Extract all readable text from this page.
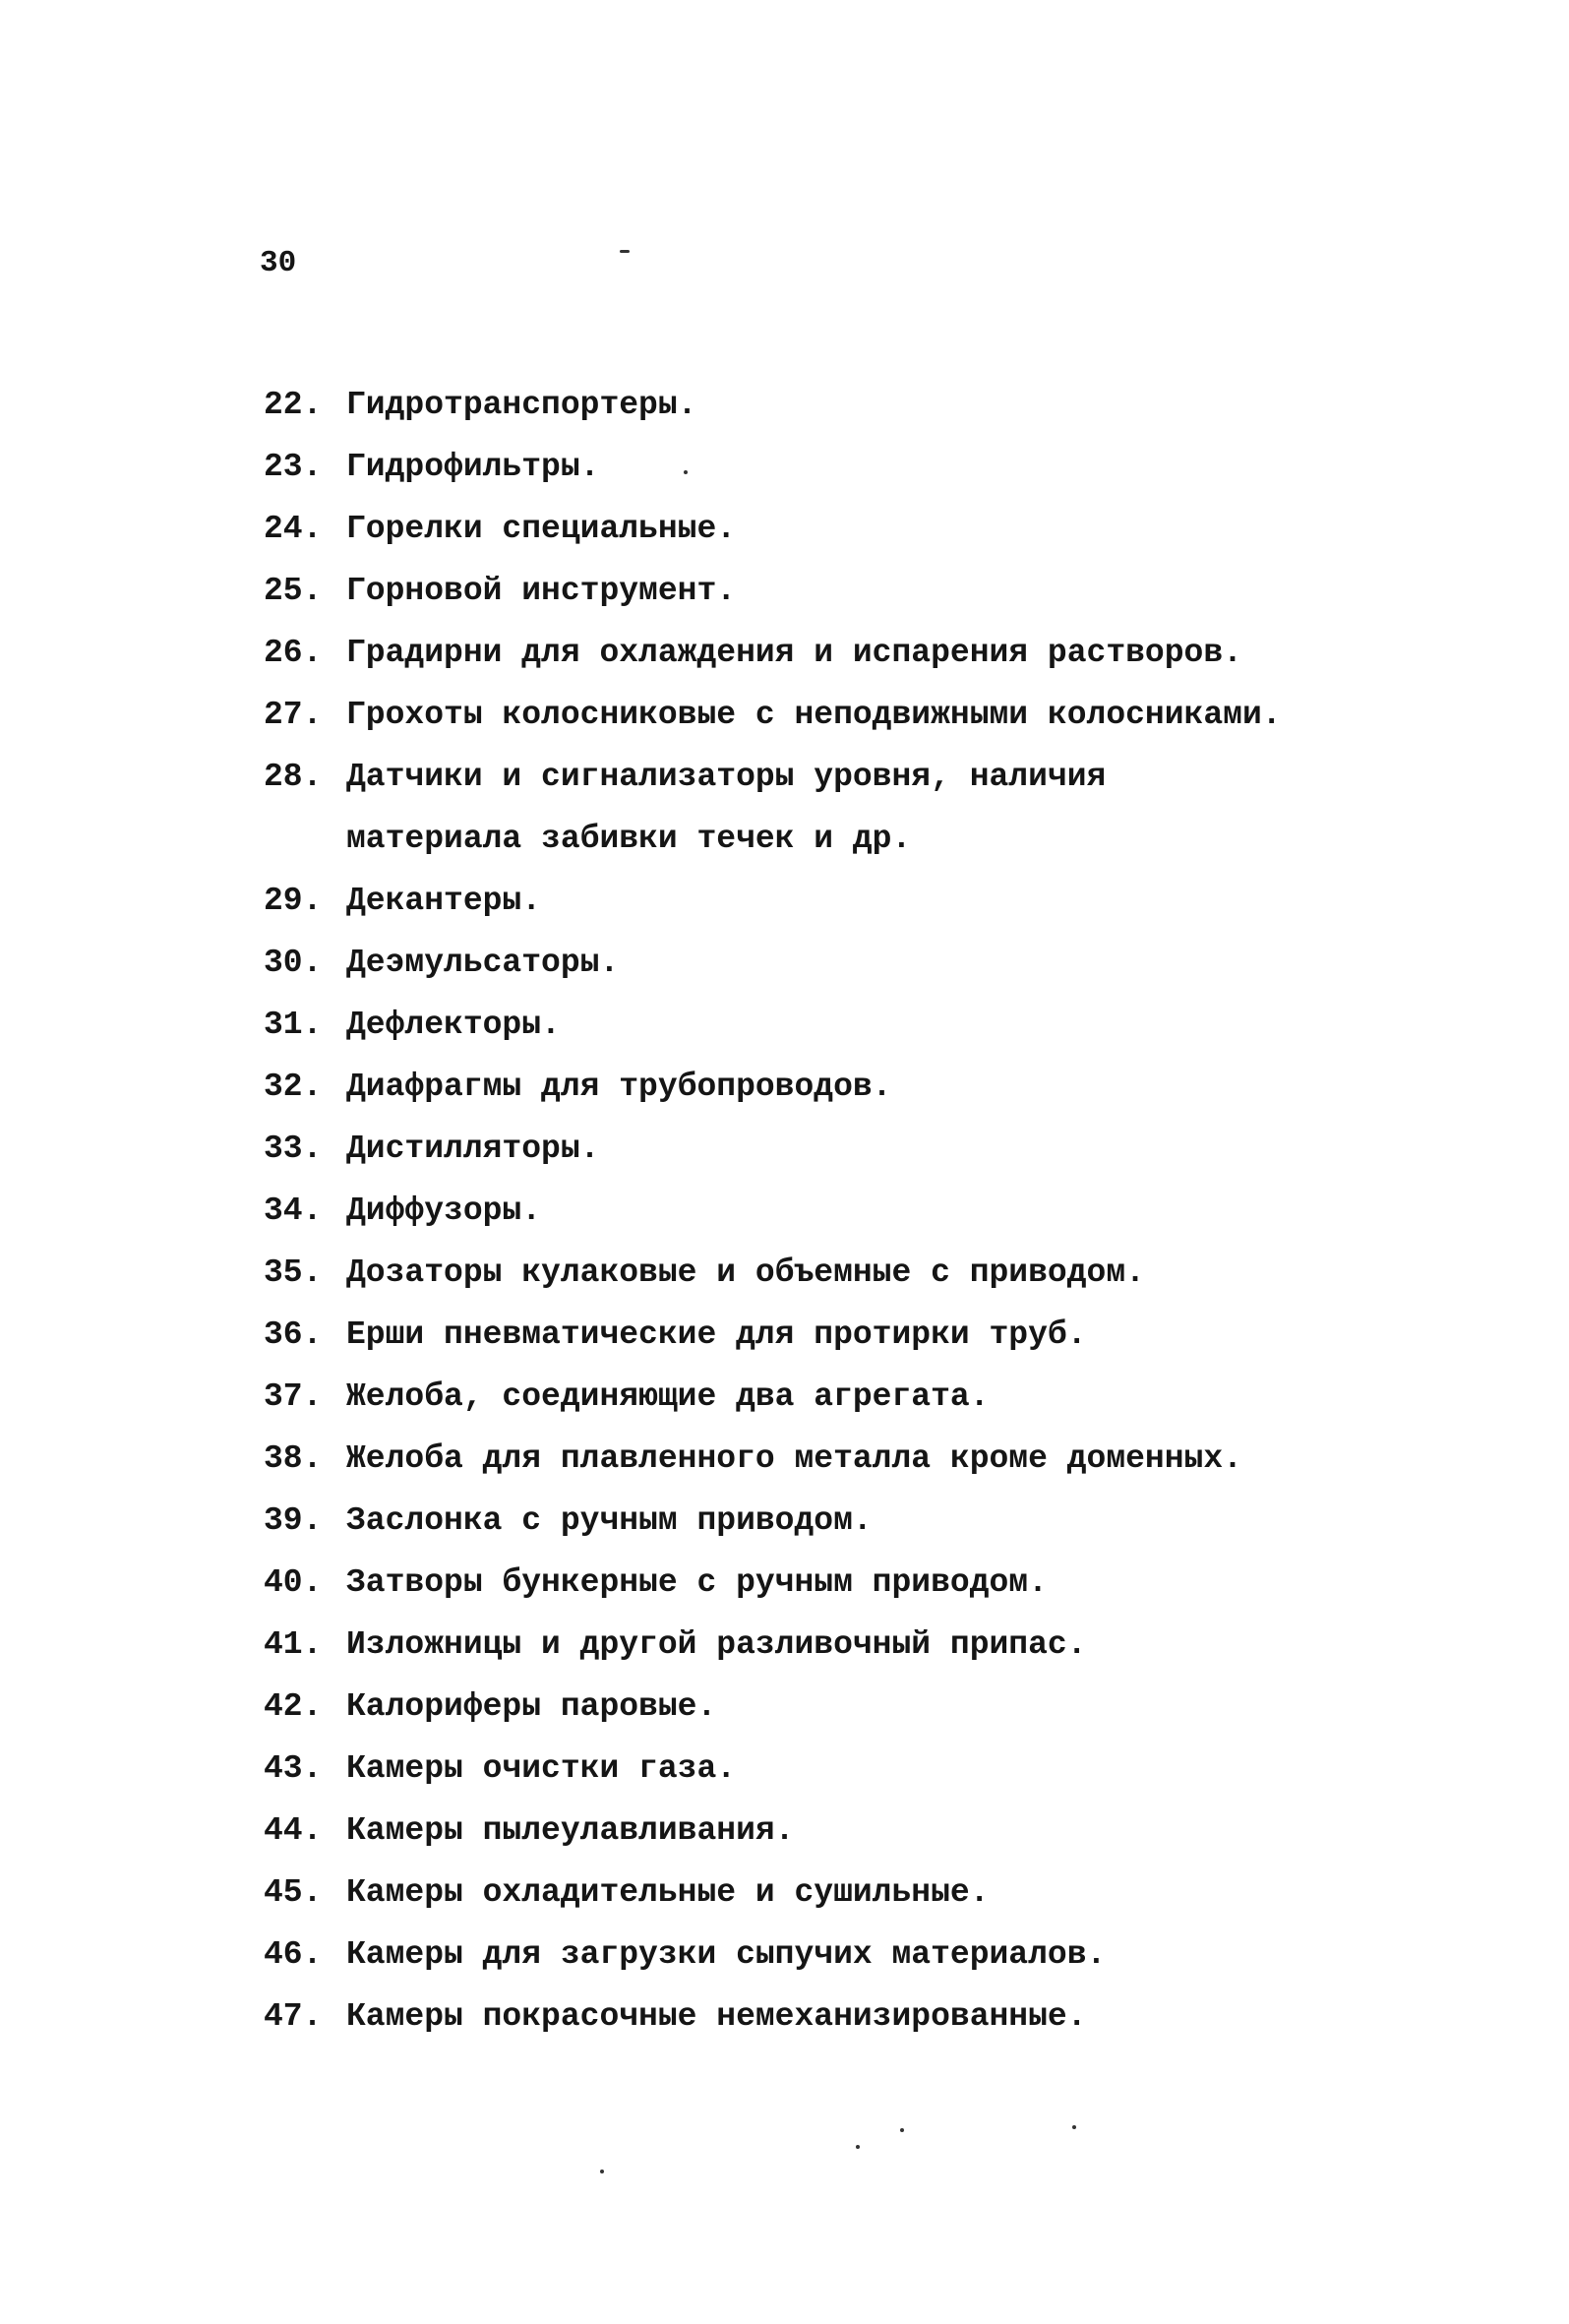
30
22. Гидротранспортеры.
23. Гидрофильтры.
24. Горелки специальные.
25. Горновой инструмент.
26. Градирни для охлаждения и испарения растворов.
27. Грохоты колосниковые с неподвижными колосниками.
28. Датчики и сигнализаторы уровня, наличия материала забивки течек и др.
29. Декантеры.
30. Деэмульсаторы.
31. Дефлекторы.
32. Диафрагмы для трубопроводов.
33. Дистилляторы.
34. Диффузоры.
35. Дозаторы кулаковые и объемные с приводом.
36. Ерши пневматические для протирки труб.
37. Желоба, соединяющие два агрегата.
38. Желоба для плавленного металла кроме доменных.
39. Заслонка с ручным приводом.
40. Затворы бункерные с ручным приводом.
41. Изложницы и другой разливочный припас.
42. Калориферы паровые.
43. Камеры очистки газа.
44. Камеры пылеулавливания.
45. Камеры охладительные и сушильные.
46. Камеры для загрузки сыпучих материалов.
47. Камеры покрасочные немеханизированные.
